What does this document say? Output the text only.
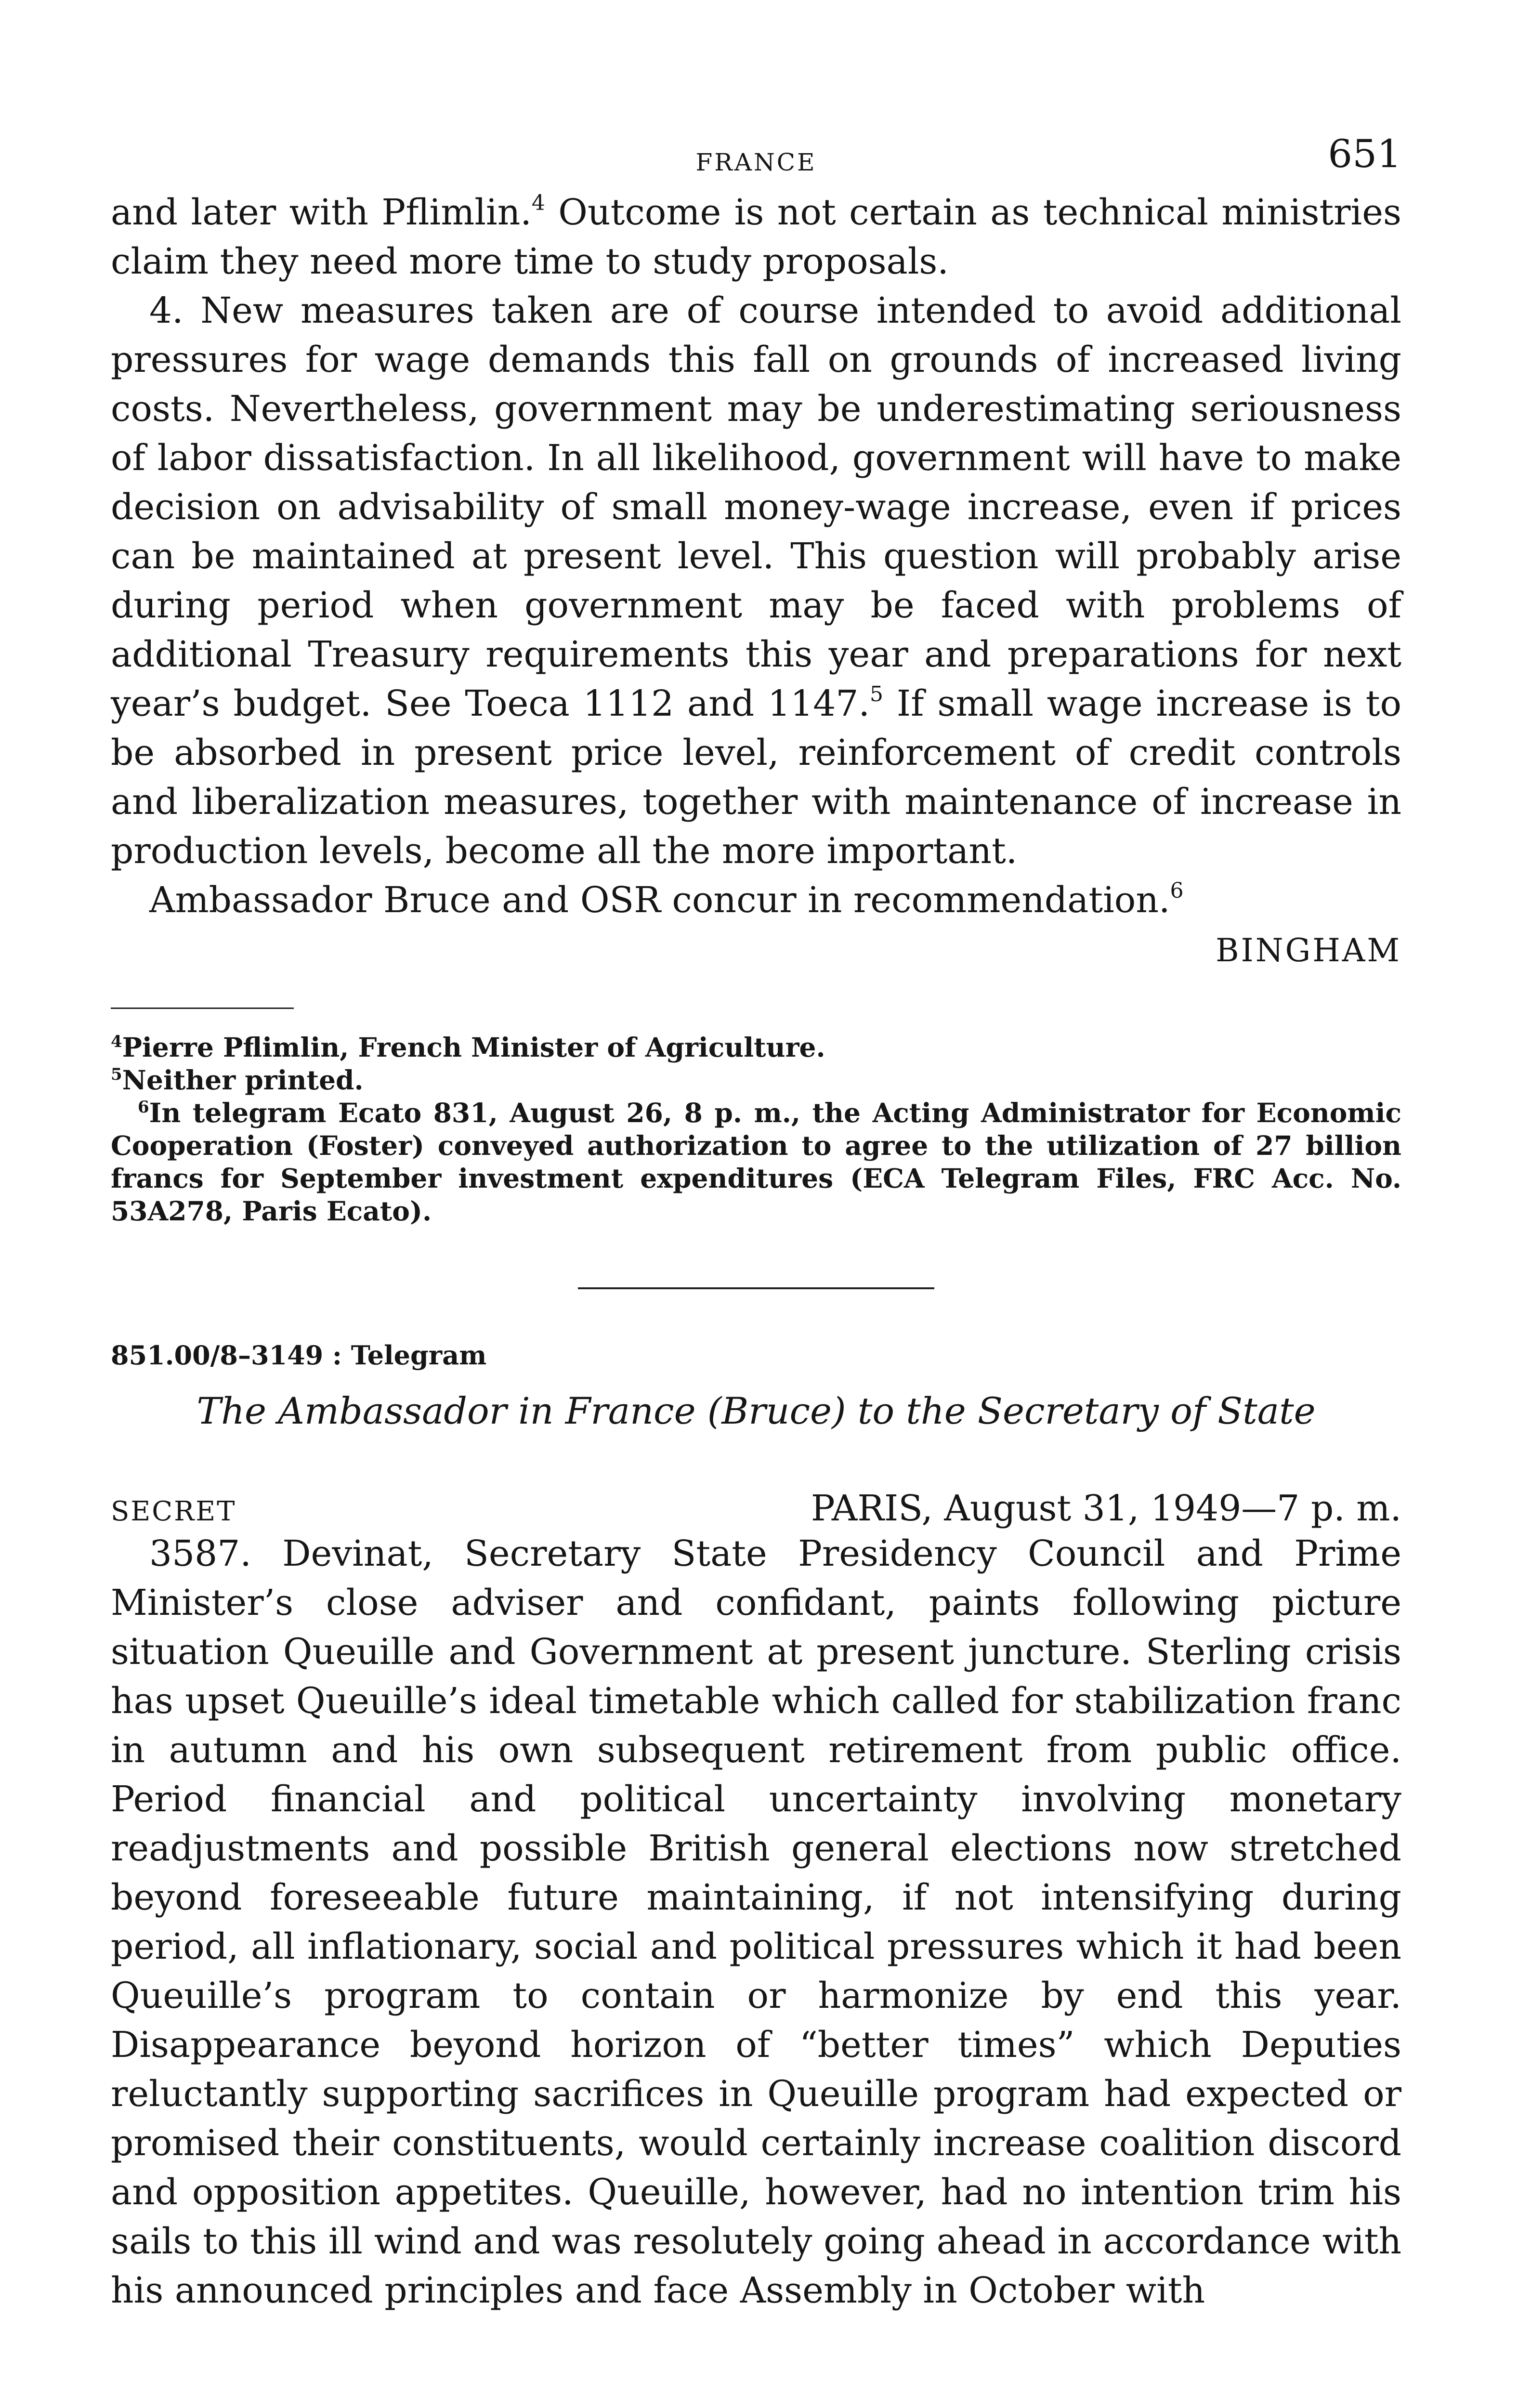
FRANCE	651

and later with Pflimlin.$^4$ Outcome is not certain as technical ministries claim they need more time to study proposals.

4. New measures taken are of course intended to avoid additional pressures for wage demands this fall on grounds of increased living costs. Nevertheless, government may be underestimating seriousness of labor dissatisfaction. In all likelihood, government will have to make decision on advisability of small money-wage increase, even if prices can be maintained at present level. This question will probably arise during period when government may be faced with problems of additional Treasury requirements this year and preparations for next year’s budget. See Toeca 1112 and 1147.$^5$ If small wage increase is to be absorbed in present price level, reinforcement of credit controls and liberalization measures, together with maintenance of increase in production levels, become all the more important.

Ambassador Bruce and OSR concur in recommendation.$^6$

BINGHAM
$^4$Pierre Pflimlin, French Minister of Agriculture.
$^5$Neither printed.
$^6$In telegram Ecato 831, August 26, 8 p. m., the Acting Administrator for Economic Cooperation (Foster) conveyed authorization to agree to the utilization of 27 billion francs for September investment expenditures (ECA Telegram Files, FRC Acc. No. 53A278, Paris Ecato).
851.00/8–3149 : Telegram
The Ambassador in France (Bruce) to the Secretary of State
SECRET	PARIS, August 31, 1949—7 p. m.

3587. Devinat, Secretary State Presidency Council and Prime Minister’s close adviser and confidant, paints following picture situation Queuille and Government at present juncture. Sterling crisis has upset Queuille’s ideal timetable which called for stabilization franc in autumn and his own subsequent retirement from public office. Period financial and political uncertainty involving monetary readjustments and possible British general elections now stretched beyond foreseeable future maintaining, if not intensifying during period, all inflationary, social and political pressures which it had been Queuille’s program to contain or harmonize by end this year. Disappearance beyond horizon of “better times” which Deputies reluctantly supporting sacrifices in Queuille program had expected or promised their constituents, would certainly increase coalition discord and opposition appetites. Queuille, however, had no intention trim his sails to this ill wind and was resolutely going ahead in accordance with his announced principles and face Assembly in October with
